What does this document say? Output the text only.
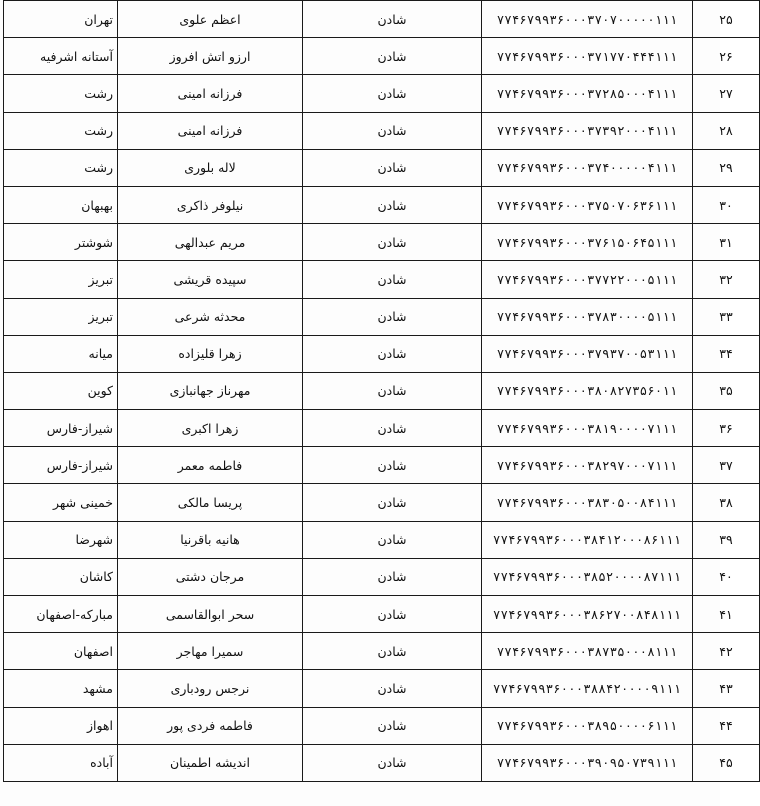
۲۵	۷۷۴۶۷۹۹۳۶۰۰۰۳۷۰۷۰۰۰۰۰۱۱۱	شادن	اعظم علوی	تهران
۲۶	۷۷۴۶۷۹۹۳۶۰۰۰۳۷۱۷۷۰۴۴۴۱۱۱	شادن	ارزو اتش افروز	آستانه اشرفیه
۲۷	۷۷۴۶۷۹۹۳۶۰۰۰۳۷۲۸۵۰۰۰۴۱۱۱	شادن	فرزانه امینی	رشت
۲۸	۷۷۴۶۷۹۹۳۶۰۰۰۳۷۳۹۲۰۰۰۴۱۱۱	شادن	فرزانه امینی	رشت
۲۹	۷۷۴۶۷۹۹۳۶۰۰۰۳۷۴۰۰۰۰۰۴۱۱۱	شادن	لاله بلوری	رشت
۳۰	۷۷۴۶۷۹۹۳۶۰۰۰۳۷۵۰۷۰۶۳۶۱۱۱	شادن	نیلوفر ذاکری	بهبهان
۳۱	۷۷۴۶۷۹۹۳۶۰۰۰۳۷۶۱۵۰۶۴۵۱۱۱	شادن	مریم عبدالهی	شوشتر
۳۲	۷۷۴۶۷۹۹۳۶۰۰۰۳۷۷۲۲۰۰۰۵۱۱۱	شادن	سپیده قریشی	تبریز
۳۳	۷۷۴۶۷۹۹۳۶۰۰۰۳۷۸۳۰۰۰۰۵۱۱۱	شادن	محدثه شرعی	تبریز
۳۴	۷۷۴۶۷۹۹۳۶۰۰۰۳۷۹۳۷۰۰۵۳۱۱۱	شادن	زهرا قلیزاده	میانه
۳۵	۷۷۴۶۷۹۹۳۶۰۰۰۳۸۰۸۲۷۳۵۶۰۱۱	شادن	مهرناز جهانبازی	کوین
۳۶	۷۷۴۶۷۹۹۳۶۰۰۰۳۸۱۹۰۰۰۰۷۱۱۱	شادن	زهرا اکبری	شیراز-فارس
۳۷	۷۷۴۶۷۹۹۳۶۰۰۰۳۸۲۹۷۰۰۰۷۱۱۱	شادن	فاطمه معمر	شیراز-فارس
۳۸	۷۷۴۶۷۹۹۳۶۰۰۰۳۸۳۰۵۰۰۸۴۱۱۱	شادن	پریسا مالکی	خمینی شهر
۳۹	۷۷۴۶۷۹۹۳۶۰۰۰۳۸۴۱۲۰۰۰۸۶۱۱۱	شادن	هانیه باقرنیا	شهرضا
۴۰	۷۷۴۶۷۹۹۳۶۰۰۰۳۸۵۲۰۰۰۰۸۷۱۱۱	شادن	مرجان دشتی	کاشان
۴۱	۷۷۴۶۷۹۹۳۶۰۰۰۳۸۶۲۷۰۰۸۴۸۱۱۱	شادن	سحر ابوالقاسمی	مبارکه-اصفهان
۴۲	۷۷۴۶۷۹۹۳۶۰۰۰۳۸۷۳۵۰۰۰۸۱۱۱	شادن	سمیرا مهاجر	اصفهان
۴۳	۷۷۴۶۷۹۹۳۶۰۰۰۳۸۸۴۲۰۰۰۰۹۱۱۱	شادن	نرجس رودباری	مشهد
۴۴	۷۷۴۶۷۹۹۳۶۰۰۰۳۸۹۵۰۰۰۰۶۱۱۱	شادن	فاطمه فردی پور	اهواز
۴۵	۷۷۴۶۷۹۹۳۶۰۰۰۳۹۰۹۵۰۷۳۹۱۱۱	شادن	اندیشه اطمینان	آباده
